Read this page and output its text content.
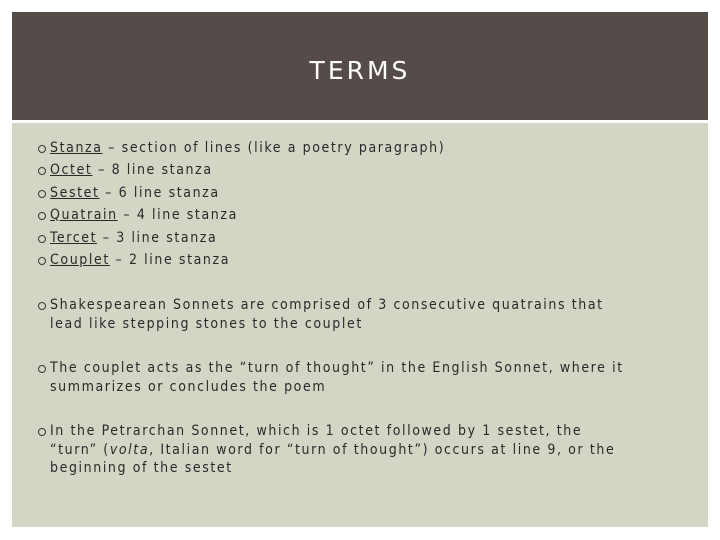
TERMS
Stanza – section of lines (like a poetry paragraph)
Octet – 8 line stanza
Sestet – 6 line stanza
Quatrain – 4 line stanza
Tercet – 3 line stanza
Couplet – 2 line stanza
Shakespearean Sonnets are comprised of 3 consecutive quatrains that
lead like stepping stones to the couplet
The couplet acts as the “turn of thought” in the English Sonnet, where it
summarizes or concludes the poem
In the Petrarchan Sonnet, which is 1 octet followed by 1 sestet, the
“turn” (volta, Italian word for “turn of thought”) occurs at line 9, or the
beginning of the sestet
